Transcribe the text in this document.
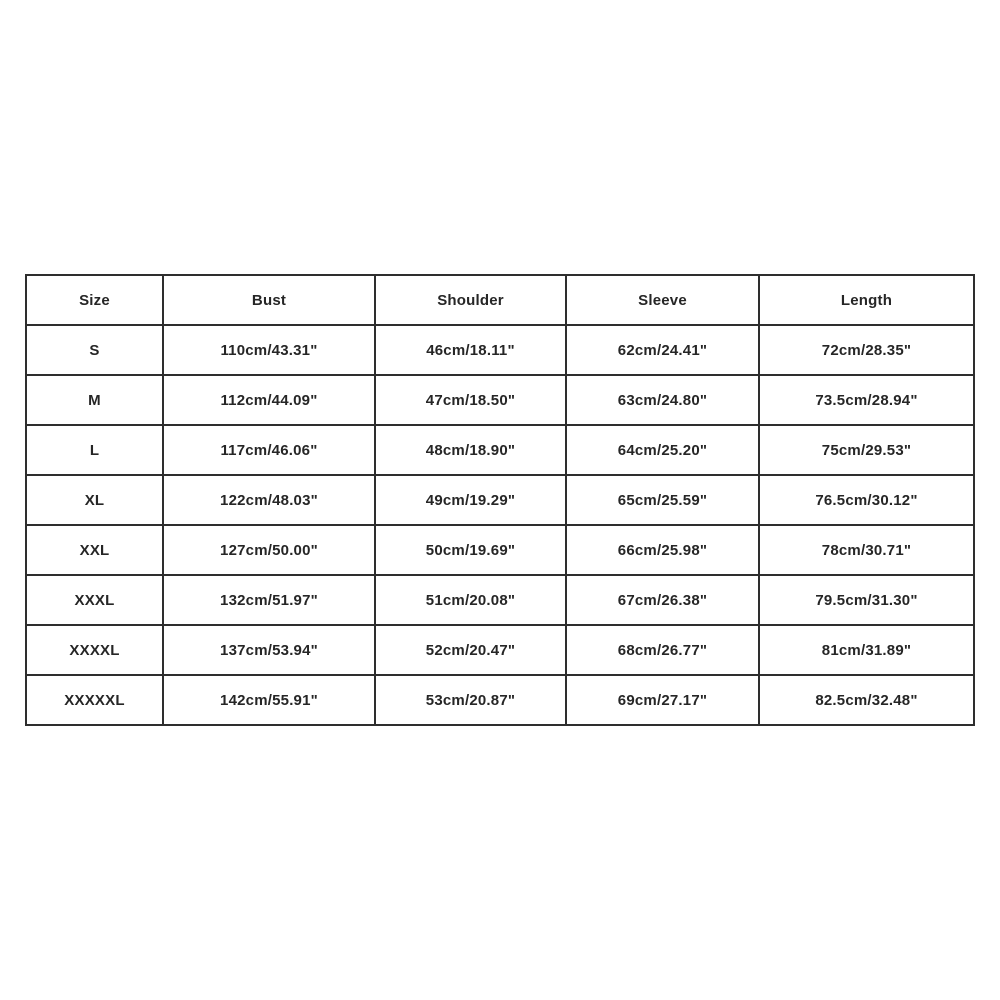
Size	Bust	Shoulder	Sleeve	Length
S	110cm/43.31"	46cm/18.11"	62cm/24.41"	72cm/28.35"
M	112cm/44.09"	47cm/18.50"	63cm/24.80"	73.5cm/28.94"
L	117cm/46.06"	48cm/18.90"	64cm/25.20"	75cm/29.53"
XL	122cm/48.03"	49cm/19.29"	65cm/25.59"	76.5cm/30.12"
XXL	127cm/50.00"	50cm/19.69"	66cm/25.98"	78cm/30.71"
XXXL	132cm/51.97"	51cm/20.08"	67cm/26.38"	79.5cm/31.30"
XXXXL	137cm/53.94"	52cm/20.47"	68cm/26.77"	81cm/31.89"
XXXXXL	142cm/55.91"	53cm/20.87"	69cm/27.17"	82.5cm/32.48"
